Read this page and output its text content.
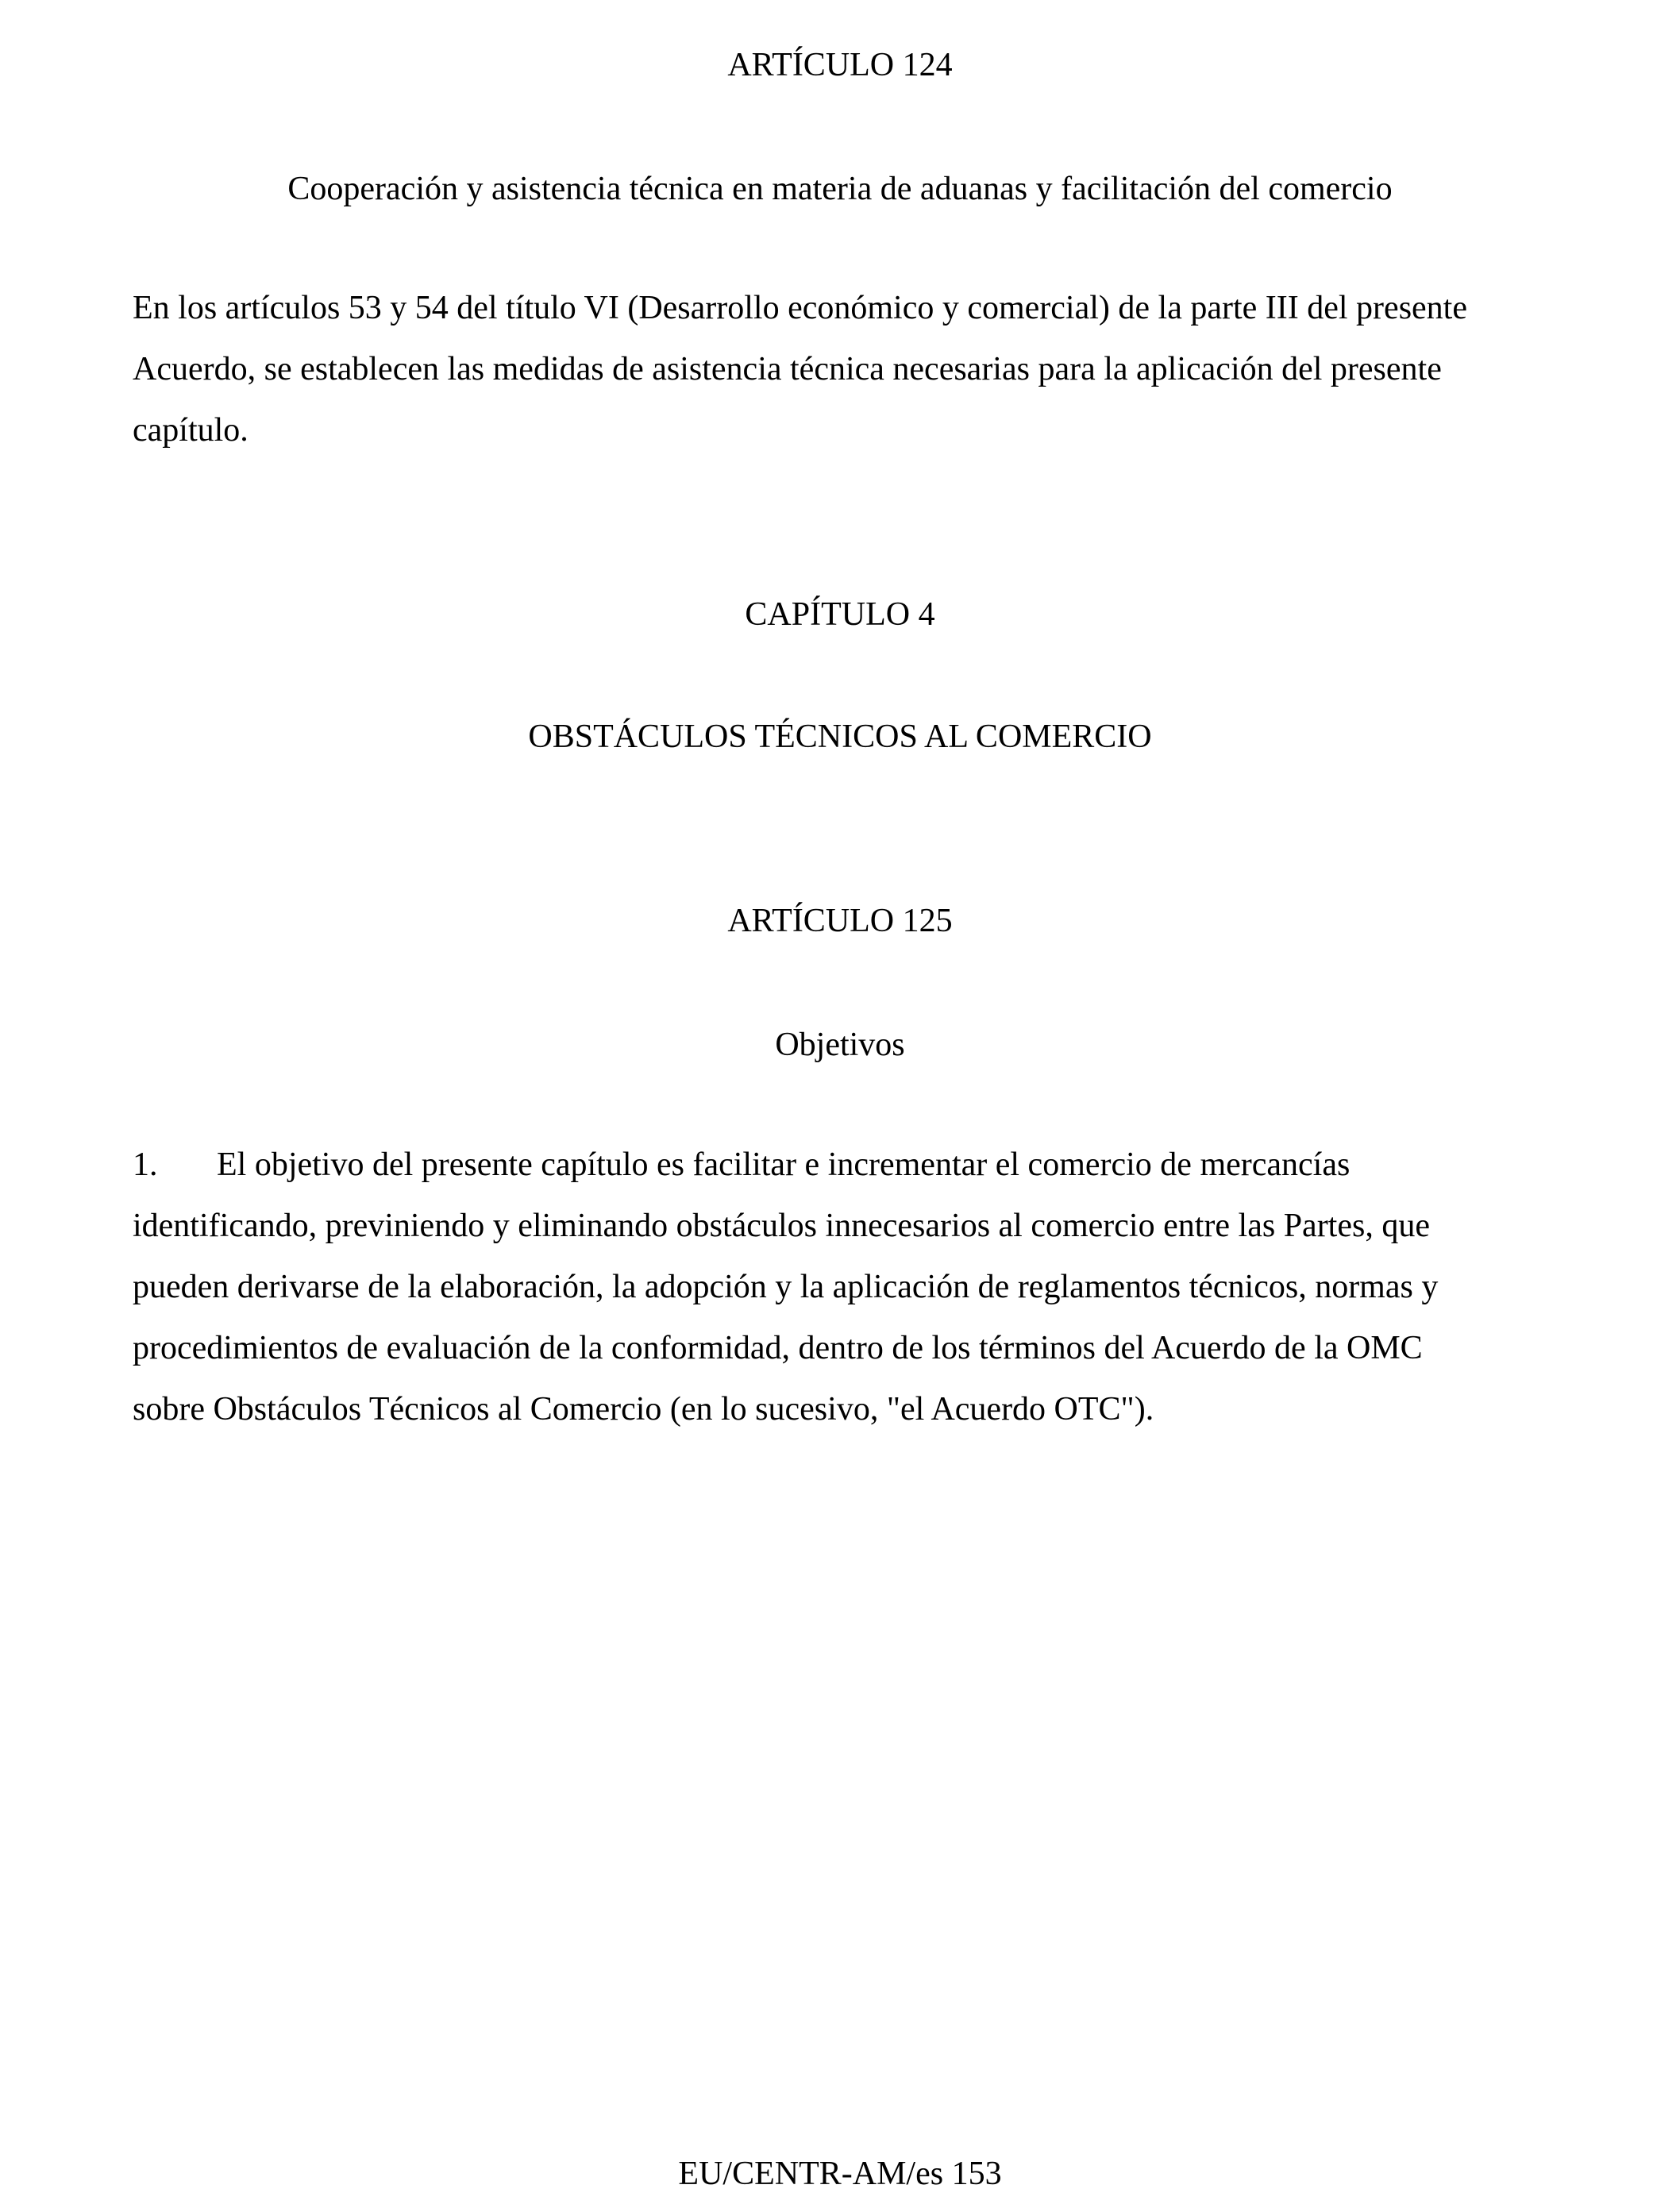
ARTÍCULO 124
Cooperación y asistencia técnica en materia de aduanas y facilitación del comercio
En los artículos 53 y 54 del título VI (Desarrollo económico y comercial) de la parte III del presente
Acuerdo, se establecen las medidas de asistencia técnica necesarias para la aplicación del presente
capítulo.
CAPÍTULO 4
OBSTÁCULOS TÉCNICOS AL COMERCIO
ARTÍCULO 125
Objetivos
1. El objetivo del presente capítulo es facilitar e incrementar el comercio de mercancías
identificando, previniendo y eliminando obstáculos innecesarios al comercio entre las Partes, que
pueden derivarse de la elaboración, la adopción y la aplicación de reglamentos técnicos, normas y
procedimientos de evaluación de la conformidad, dentro de los términos del Acuerdo de la OMC
sobre Obstáculos Técnicos al Comercio (en lo sucesivo, "el Acuerdo OTC").
EU/CENTR-AM/es 153
